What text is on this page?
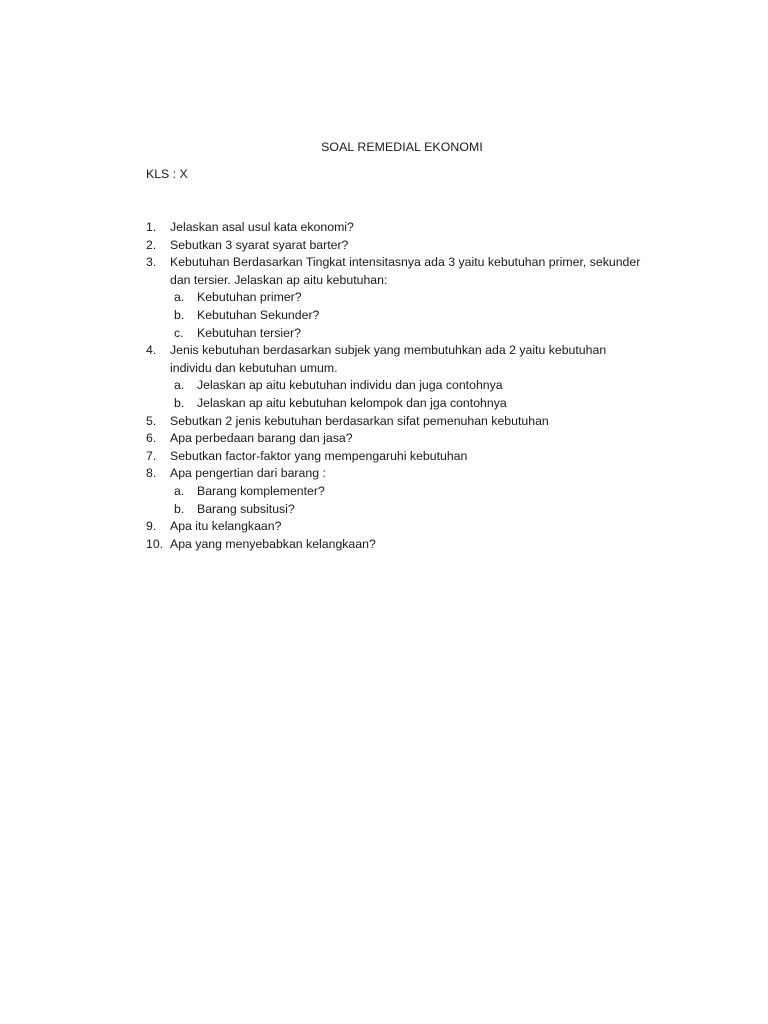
SOAL REMEDIAL EKONOMI
KLS : X
1. Jelaskan asal usul kata ekonomi?
2. Sebutkan 3 syarat syarat barter?
3. Kebutuhan Berdasarkan Tingkat intensitasnya ada 3 yaitu kebutuhan primer, sekunder dan tersier. Jelaskan ap aitu kebutuhan:
a. Kebutuhan primer?
b. Kebutuhan Sekunder?
c. Kebutuhan tersier?
4. Jenis kebutuhan berdasarkan subjek yang membutuhkan ada 2 yaitu kebutuhan individu dan kebutuhan umum.
a. Jelaskan ap aitu kebutuhan individu dan juga contohnya
b. Jelaskan ap aitu kebutuhan kelompok dan jga contohnya
5. Sebutkan 2 jenis kebutuhan berdasarkan sifat pemenuhan kebutuhan
6. Apa perbedaan barang dan jasa?
7. Sebutkan factor-faktor yang mempengaruhi kebutuhan
8. Apa pengertian dari barang :
a. Barang komplementer?
b. Barang subsitusi?
9. Apa itu kelangkaan?
10. Apa yang menyebabkan kelangkaan?
